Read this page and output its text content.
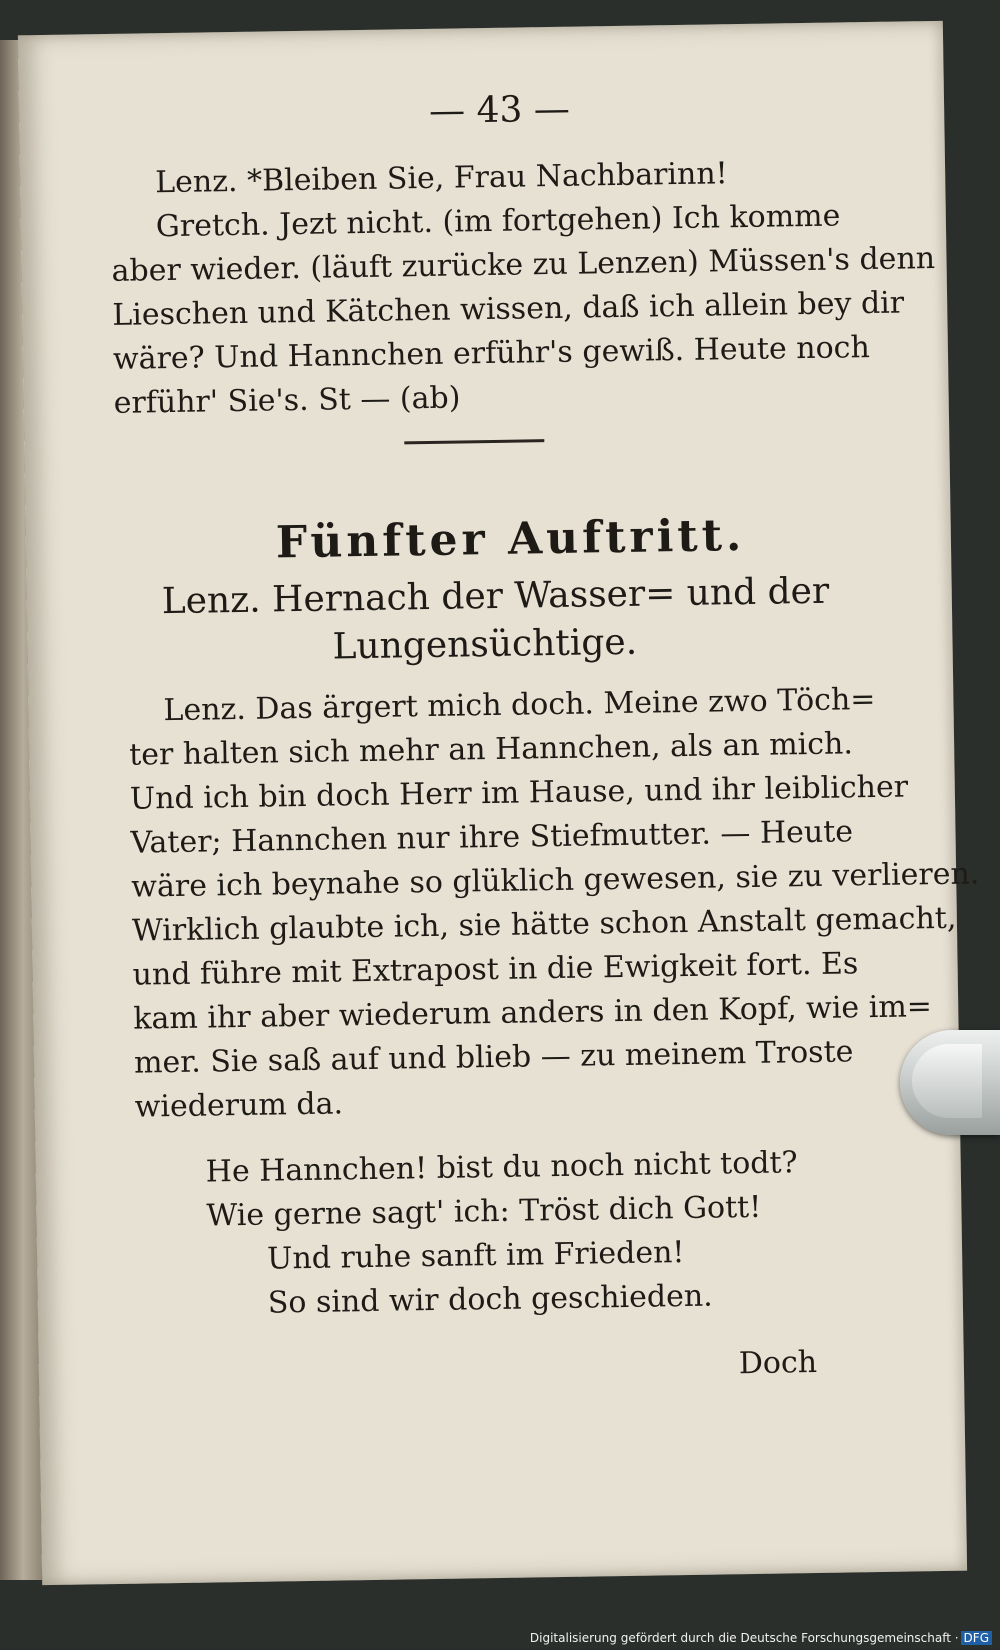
— 43 —
Lenz. *Bleiben Sie, Frau Nachbarinn!
Gretch. Jezt nicht. (im fortgehen) Ich komme
aber wieder. (läuft zurücke zu Lenzen) Müssen's denn
Lieschen und Kätchen wissen, daß ich allein bey dir
wäre? Und Hannchen erführ's gewiß. Heute noch
erführ' Sie's. St — (ab)
Fünfter Auftritt.
Lenz. Hernach der Wasser= und der
Lungensüchtige.
Lenz. Das ärgert mich doch. Meine zwo Töch=
ter halten sich mehr an Hannchen, als an mich.
Und ich bin doch Herr im Hause, und ihr leiblicher
Vater; Hannchen nur ihre Stiefmutter. — Heute
wäre ich beynahe so glüklich gewesen, sie zu verlieren.
Wirklich glaubte ich, sie hätte schon Anstalt gemacht,
und führe mit Extrapost in die Ewigkeit fort. Es
kam ihr aber wiederum anders in den Kopf, wie im=
mer. Sie saß auf und blieb — zu meinem Troste
wiederum da.
He Hannchen! bist du noch nicht todt?
Wie gerne sagt' ich: Tröst dich Gott!
Und ruhe sanft im Frieden!
So sind wir doch geschieden.
Doch
Digitalisierung gefördert durch die Deutsche Forschungsgemeinschaft · DFG
